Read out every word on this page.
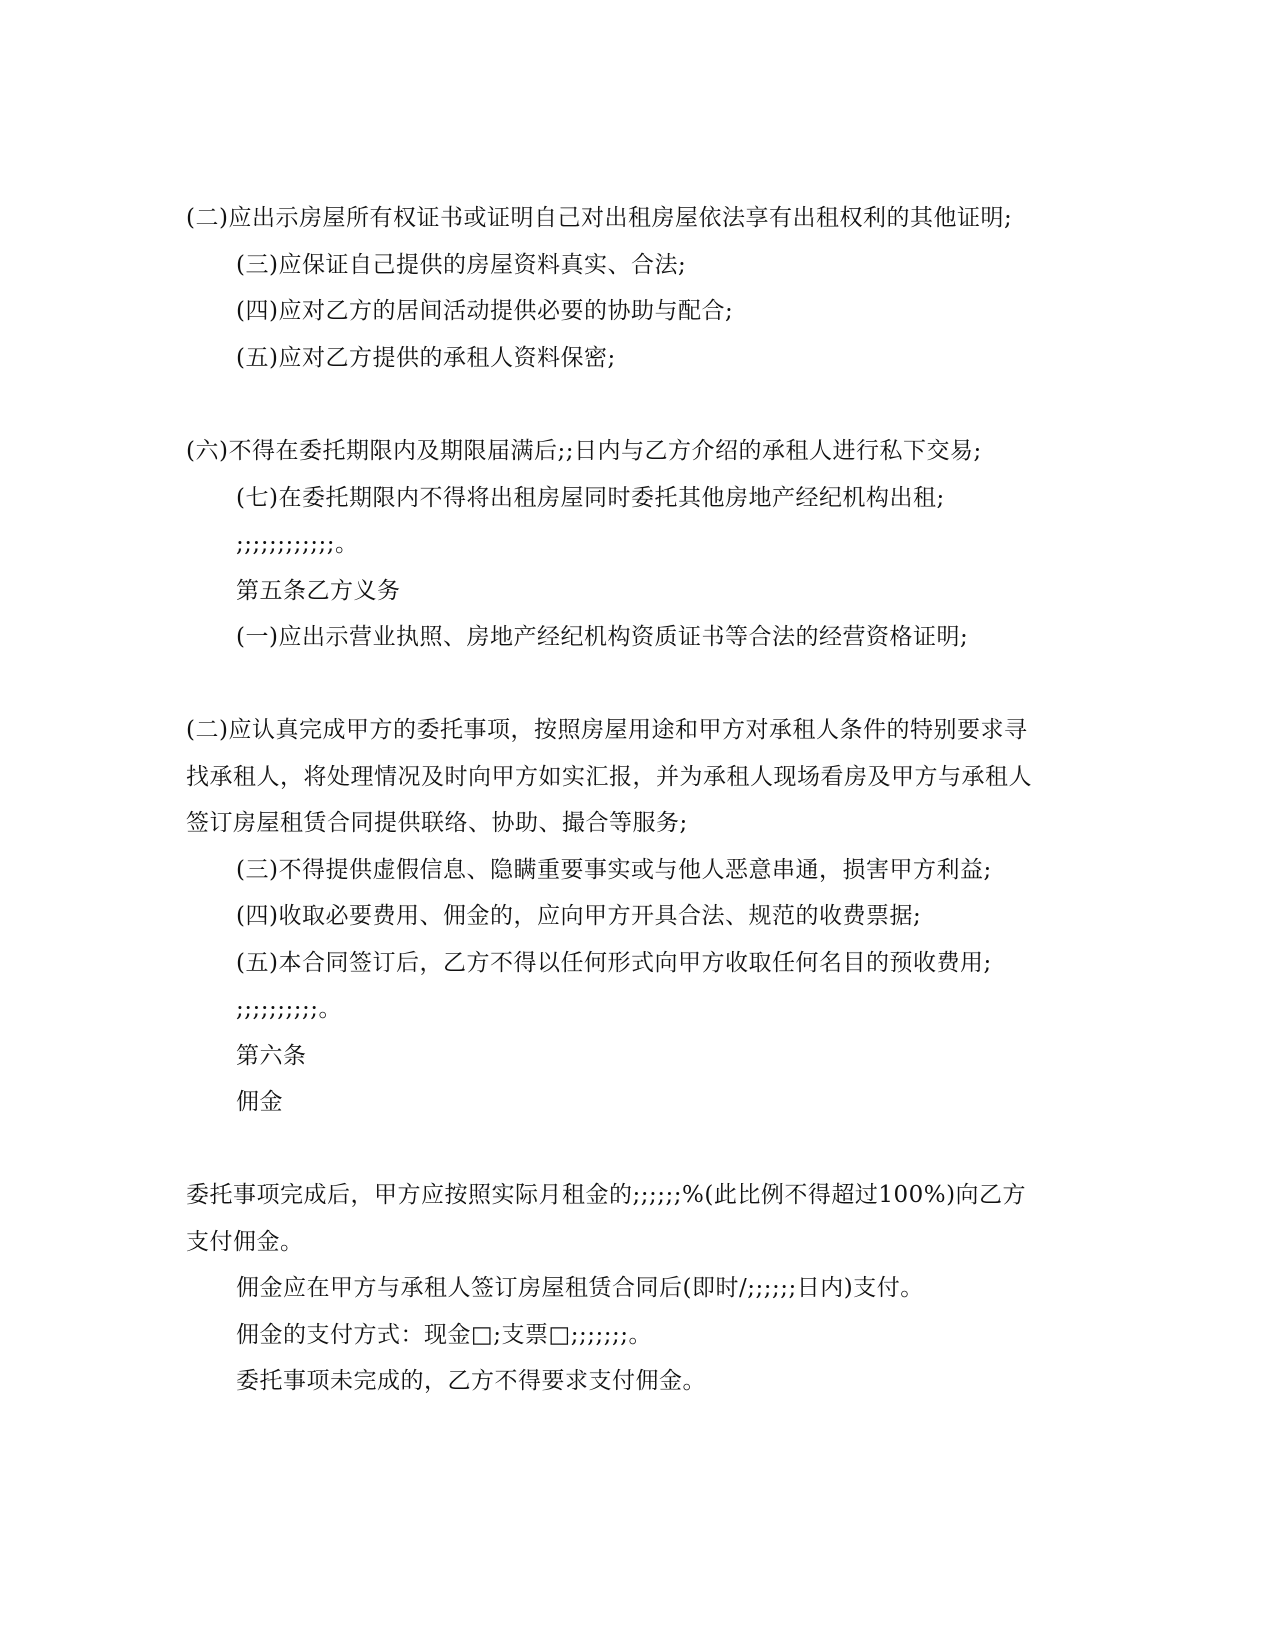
(二)应出示房屋所有权证书或证明自己对出租房屋依法享有出租权利的其他证明;
(三)应保证自己提供的房屋资料真实、合法;
(四)应对乙方的居间活动提供必要的协助与配合;
(五)应对乙方提供的承租人资料保密;
(六)不得在委托期限内及期限届满后;;日内与乙方介绍的承租人进行私下交易;
(七)在委托期限内不得将出租房屋同时委托其他房地产经纪机构出租;
;;;;;;;;;;;;。
第五条乙方义务
(一)应出示营业执照、房地产经纪机构资质证书等合法的经营资格证明;
(二)应认真完成甲方的委托事项，按照房屋用途和甲方对承租人条件的特别要求寻
找承租人，将处理情况及时向甲方如实汇报，并为承租人现场看房及甲方与承租人
签订房屋租赁合同提供联络、协助、撮合等服务;
(三)不得提供虚假信息、隐瞒重要事实或与他人恶意串通，损害甲方利益;
(四)收取必要费用、佣金的，应向甲方开具合法、规范的收费票据;
(五)本合同签订后，乙方不得以任何形式向甲方收取任何名目的预收费用;
;;;;;;;;;;。
第六条
佣金
委托事项完成后，甲方应按照实际月租金的;;;;;;%(此比例不得超过100%)向乙方
支付佣金。
佣金应在甲方与承租人签订房屋租赁合同后(即时/;;;;;;日内)支付。
佣金的支付方式：现金□;支票□;;;;;;;。
委托事项未完成的，乙方不得要求支付佣金。
